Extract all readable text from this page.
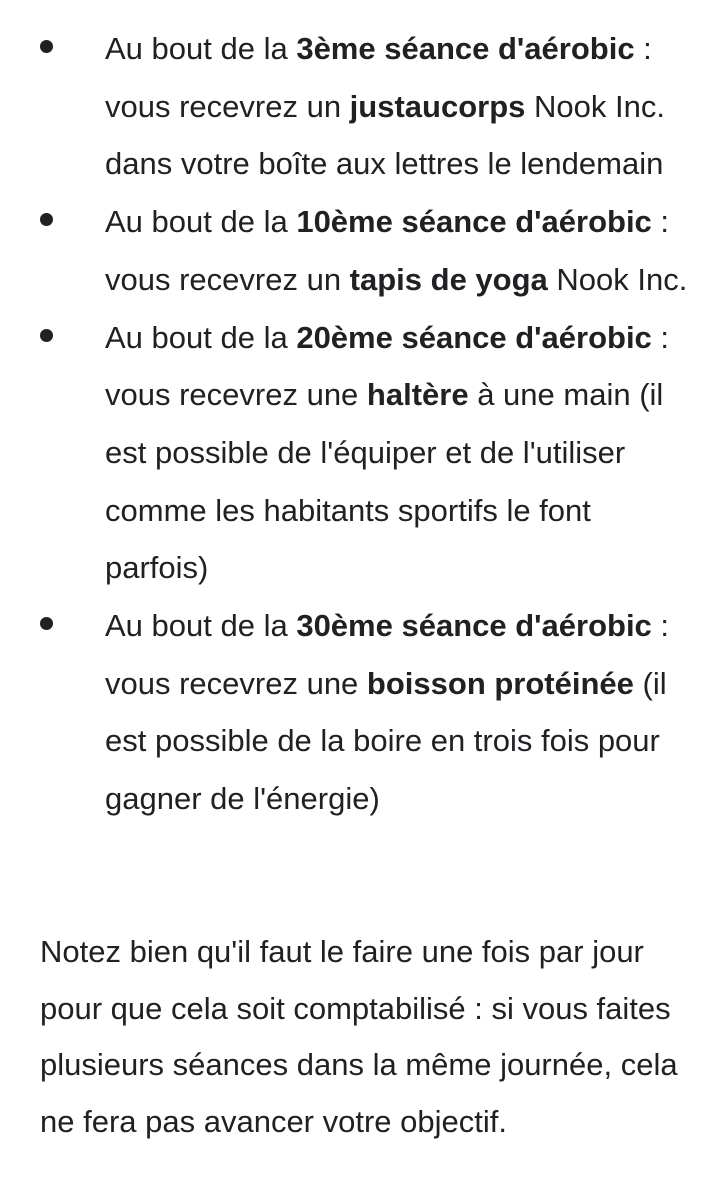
Au bout de la 3ème séance d'aérobic : vous recevrez un justaucorps Nook Inc. dans votre boîte aux lettres le lendemain
Au bout de la 10ème séance d'aérobic : vous recevrez un tapis de yoga Nook Inc.
Au bout de la 20ème séance d'aérobic : vous recevrez une haltère à une main (il est possible de l'équiper et de l'utiliser comme les habitants sportifs le font parfois)
Au bout de la 30ème séance d'aérobic : vous recevrez une boisson protéinée (il est possible de la boire en trois fois pour gagner de l'énergie)

Notez bien qu'il faut le faire une fois par jour pour que cela soit comptabilisé : si vous faites plusieurs séances dans la même journée, cela ne fera pas avancer votre objectif.
